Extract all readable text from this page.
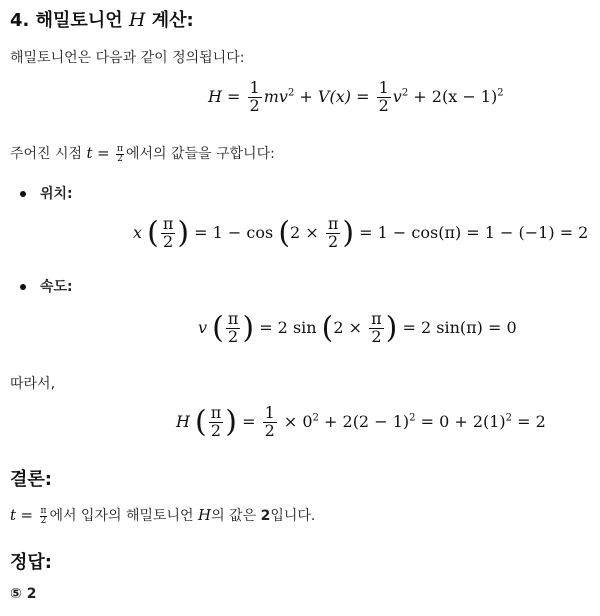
4. 해밀토니언 H 계산:
해밀토니언은 다음과 같이 정의됩니다:
$H = \frac{1}{2} mv^2 + V(x) = \frac{1}{2} v^2 + 2(x - 1)^2$
주어진 시점 $t = \frac{\pi}{2}$ 에서의 값들을 구합니다:
위치:
x ( $\frac{\pi}{2}$ ) = $1 - \cos (2 \times \frac{\pi}{2}$ ) = 1 − cos(π) = 1 − (−1) = 2
속도:
v ( $\frac{\pi}{2}$ ) = 2 $\sin (2 \times \frac{\pi}{2}$ ) = 2 sin(π) = 0
따라서,
H ( $\frac{\pi}{2}$ ) = $\frac{1}{2} \times 0^2 + 2(2 - 1)^2 = 0 + 2(1)^2 = 2$
결론:
$t = \frac{\pi}{2}$ 에서 입자의 해밀토니언 H의 값은 2입니다.
정답:
⑤ 2
